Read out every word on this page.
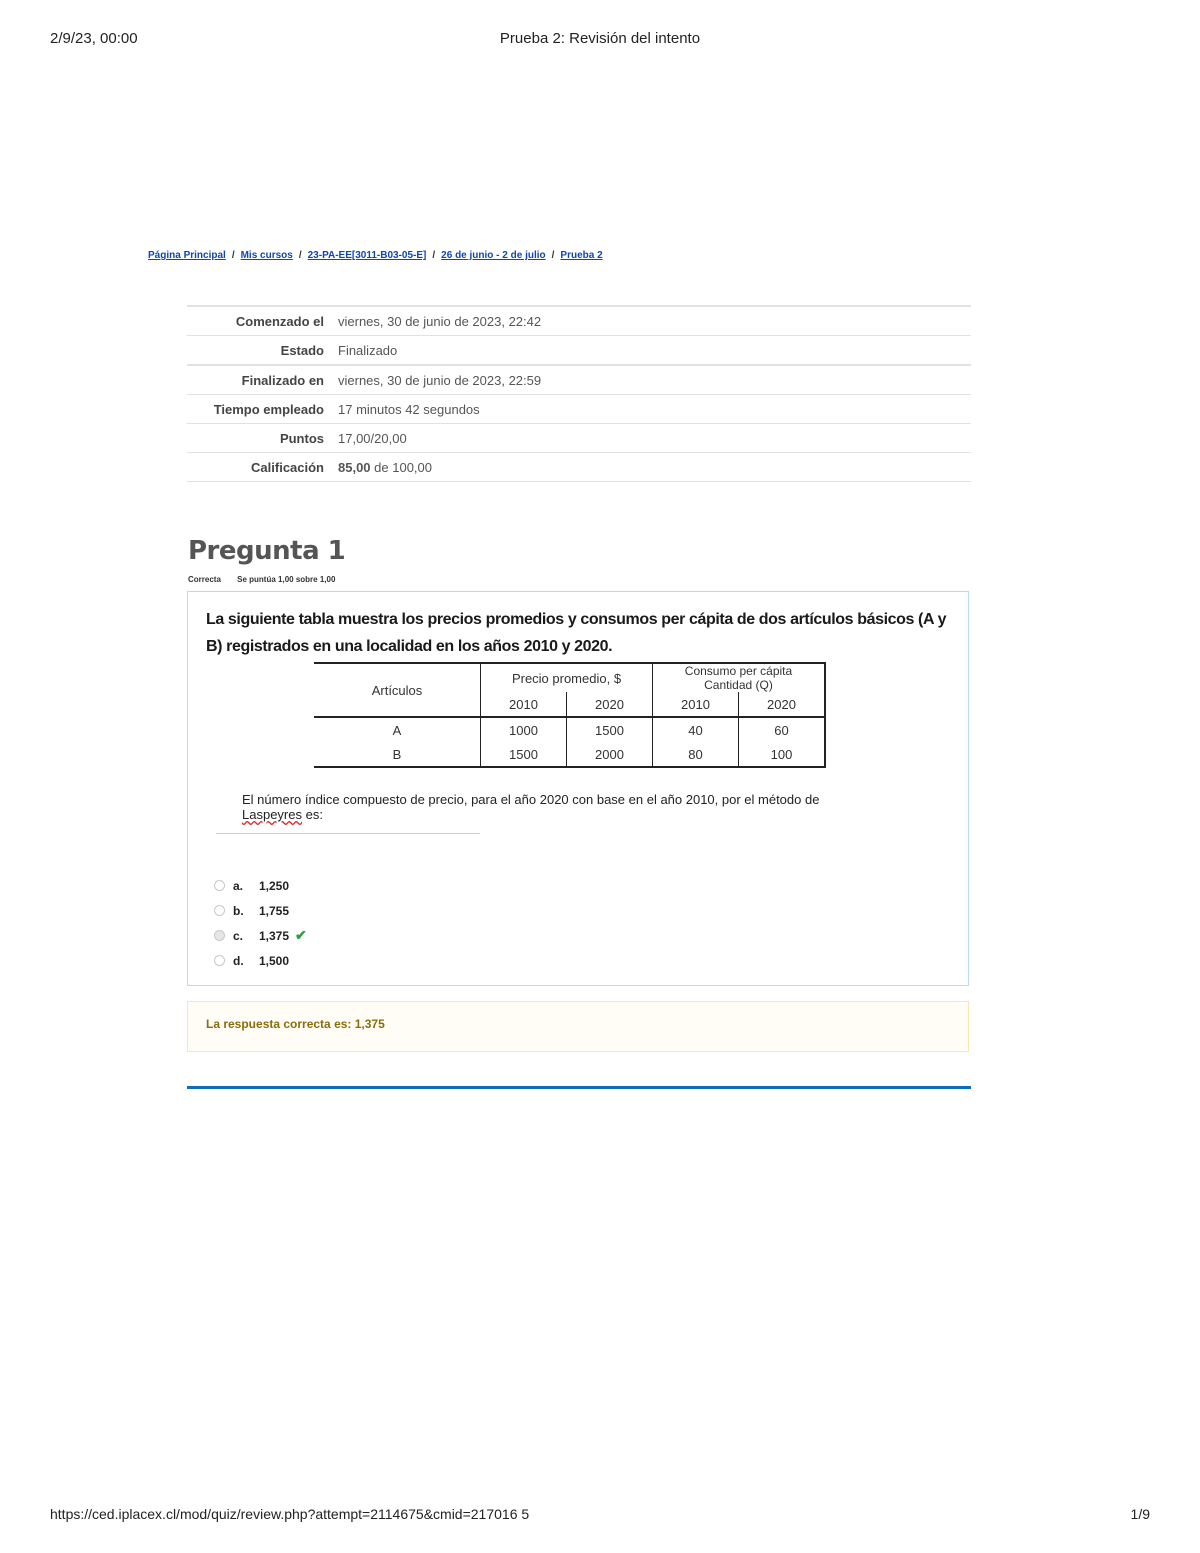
2/9/23, 00:00	Prueba 2: Revisión del intento
Página Principal / Mis cursos / 23-PA-EE[3011-B03-05-E] / 26 de junio - 2 de julio / Prueba 2
Comenzado el	viernes, 30 de junio de 2023, 22:42
Estado	Finalizado
Finalizado en	viernes, 30 de junio de 2023, 22:59
Tiempo empleado	17 minutos 42 segundos
Puntos	17,00/20,00
Calificación	85,00 de 100,00
Pregunta 1
Correcta Se puntúa 1,00 sobre 1,00
La siguiente tabla muestra los precios promedios y consumos per cápita de dos artículos básicos (A y B) registrados en una localidad en los años 2010 y 2020.
Artículos	Precio promedio, $		Consumo per cápita
Cantidad (Q)	
	2010	2020	2010	2020
A	1000	1500	40	60
B	1500	2000	80	100
El número índice compuesto de precio, para el año 2020 con base en el año 2010, por el método de Laspeyres es:
a.	1,250
b.	1,755
c.	1,375 ✔
d.	1,500
La respuesta correcta es: 1,375
https://ced.iplacex.cl/mod/quiz/review.php?attempt=2114675&cmid=217016 5	1/9
